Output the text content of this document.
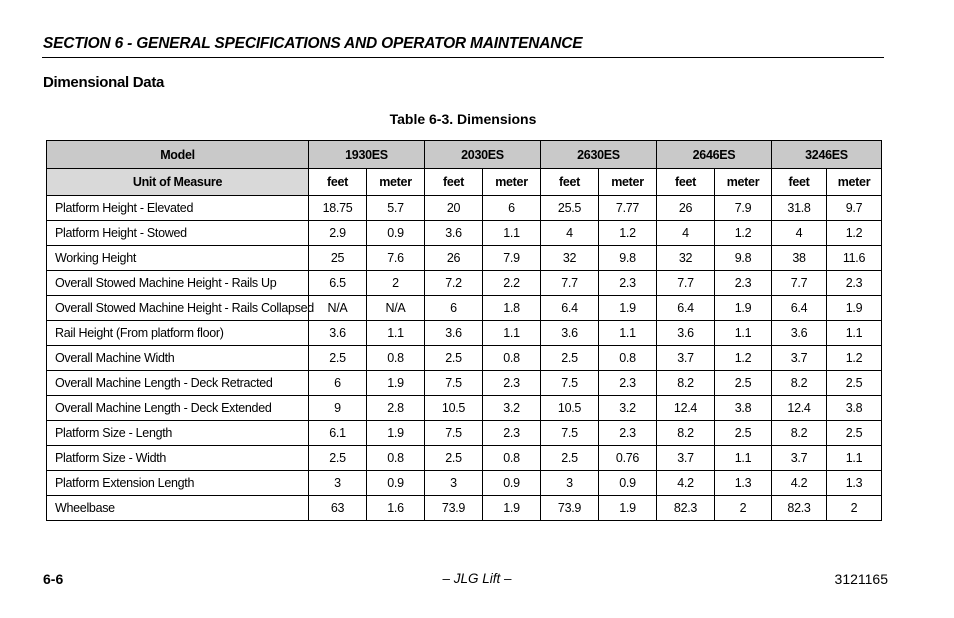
SECTION 6 - GENERAL SPECIFICATIONS AND OPERATOR MAINTENANCE
Dimensional Data
Table 6-3. Dimensions
Model	1930ES		2030ES		2630ES		2646ES		3246ES	
Unit of Measure	feet	meter	feet	meter	feet	meter	feet	meter	feet	meter
Platform Height - Elevated	18.75	5.7	20	6	25.5	7.77	26	7.9	31.8	9.7
Platform Height - Stowed	2.9	0.9	3.6	1.1	4	1.2	4	1.2	4	1.2
Working Height	25	7.6	26	7.9	32	9.8	32	9.8	38	11.6
Overall Stowed Machine Height - Rails Up	6.5	2	7.2	2.2	7.7	2.3	7.7	2.3	7.7	2.3
Overall Stowed Machine Height - Rails Collapsed	N/A	N/A	6	1.8	6.4	1.9	6.4	1.9	6.4	1.9
Rail Height (From platform floor)	3.6	1.1	3.6	1.1	3.6	1.1	3.6	1.1	3.6	1.1
Overall Machine Width	2.5	0.8	2.5	0.8	2.5	0.8	3.7	1.2	3.7	1.2
Overall Machine Length - Deck Retracted	6	1.9	7.5	2.3	7.5	2.3	8.2	2.5	8.2	2.5
Overall Machine Length - Deck Extended	9	2.8	10.5	3.2	10.5	3.2	12.4	3.8	12.4	3.8
Platform Size - Length	6.1	1.9	7.5	2.3	7.5	2.3	8.2	2.5	8.2	2.5
Platform Size - Width	2.5	0.8	2.5	0.8	2.5	0.76	3.7	1.1	3.7	1.1
Platform Extension Length	3	0.9	3	0.9	3	0.9	4.2	1.3	4.2	1.3
Wheelbase	63	1.6	73.9	1.9	73.9	1.9	82.3	2	82.3	2
6-6	– JLG Lift –	3121165
